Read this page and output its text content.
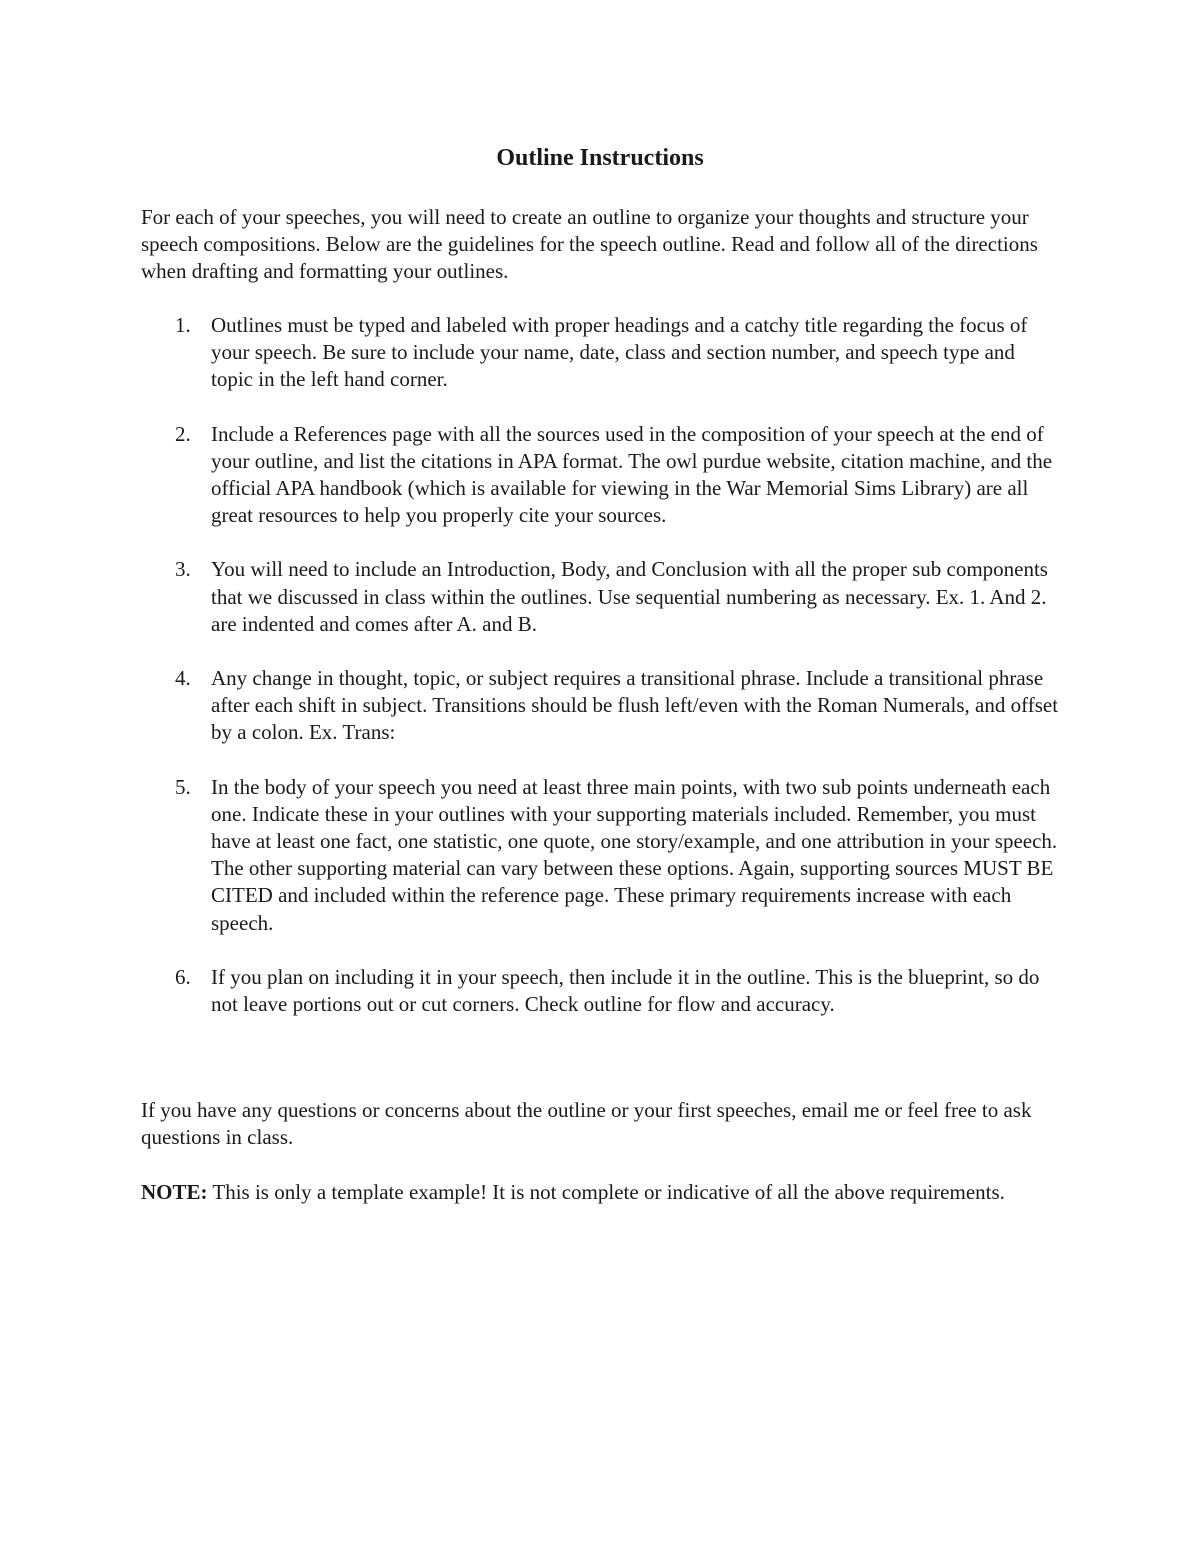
Outline Instructions

For each of your speeches, you will need to create an outline to organize your thoughts and structure your speech compositions. Below are the guidelines for the speech outline. Read and follow all of the directions when drafting and formatting your outlines.

1. Outlines must be typed and labeled with proper headings and a catchy title regarding the focus of your speech. Be sure to include your name, date, class and section number, and speech type and topic in the left hand corner.
2. Include a References page with all the sources used in the composition of your speech at the end of your outline, and list the citations in APA format. The owl purdue website, citation machine, and the official APA handbook (which is available for viewing in the War Memorial Sims Library) are all great resources to help you properly cite your sources.
3. You will need to include an Introduction, Body, and Conclusion with all the proper sub components that we discussed in class within the outlines. Use sequential numbering as necessary. Ex. 1. And 2. are indented and comes after A. and B.
4. Any change in thought, topic, or subject requires a transitional phrase. Include a transitional phrase after each shift in subject. Transitions should be flush left/even with the Roman Numerals, and offset by a colon. Ex. Trans:
5. In the body of your speech you need at least three main points, with two sub points underneath each one. Indicate these in your outlines with your supporting materials included. Remember, you must have at least one fact, one statistic, one quote, one story/example, and one attribution in your speech. The other supporting material can vary between these options. Again, supporting sources MUST BE CITED and included within the reference page. These primary requirements increase with each speech.
6. If you plan on including it in your speech, then include it in the outline. This is the blueprint, so do not leave portions out or cut corners. Check outline for flow and accuracy.

If you have any questions or concerns about the outline or your first speeches, email me or feel free to ask questions in class.

NOTE: This is only a template example! It is not complete or indicative of all the above requirements.
